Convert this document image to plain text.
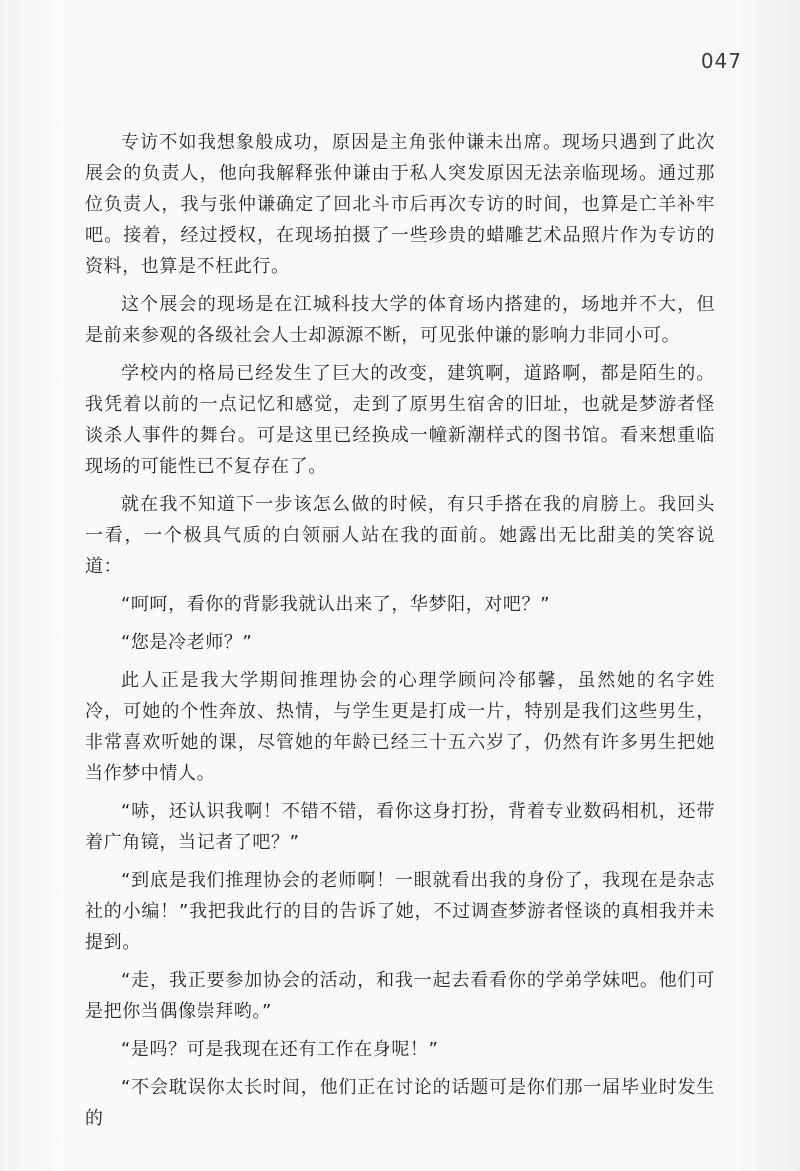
047

专访不如我想象般成功，原因是主角张仲谦未出席。现场只遇到了此次展会的负责人，他向我解释张仲谦由于私人突发原因无法亲临现场。通过那位负责人，我与张仲谦确定了回北斗市后再次专访的时间，也算是亡羊补牢吧。接着，经过授权，在现场拍摄了一些珍贵的蜡雕艺术品照片作为专访的资料，也算是不枉此行。

这个展会的现场是在江城科技大学的体育场内搭建的，场地并不大，但是前来参观的各级社会人士却源源不断，可见张仲谦的影响力非同小可。

学校内的格局已经发生了巨大的改变，建筑啊，道路啊，都是陌生的。我凭着以前的一点记忆和感觉，走到了原男生宿舍的旧址，也就是梦游者怪谈杀人事件的舞台。可是这里已经换成一幢新潮样式的图书馆。看来想重临现场的可能性已不复存在了。

就在我不知道下一步该怎么做的时候，有只手搭在我的肩膀上。我回头一看，一个极具气质的白领丽人站在我的面前。她露出无比甜美的笑容说道：

“呵呵，看你的背影我就认出来了，华梦阳，对吧？”

“您是冷老师？”

此人正是我大学期间推理协会的心理学顾问冷郁馨，虽然她的名字姓冷，可她的个性奔放、热情，与学生更是打成一片，特别是我们这些男生，非常喜欢听她的课，尽管她的年龄已经三十五六岁了，仍然有许多男生把她当作梦中情人。

“哧，还认识我啊！不错不错，看你这身打扮，背着专业数码相机，还带着广角镜，当记者了吧？”

“到底是我们推理协会的老师啊！一眼就看出我的身份了，我现在是杂志社的小编！”我把我此行的目的告诉了她，不过调查梦游者怪谈的真相我并未提到。

“走，我正要参加协会的活动，和我一起去看看你的学弟学妹吧。他们可是把你当偶像崇拜哟。”

“是吗？可是我现在还有工作在身呢！”

“不会耽误你太长时间，他们正在讨论的话题可是你们那一届毕业时发生的
